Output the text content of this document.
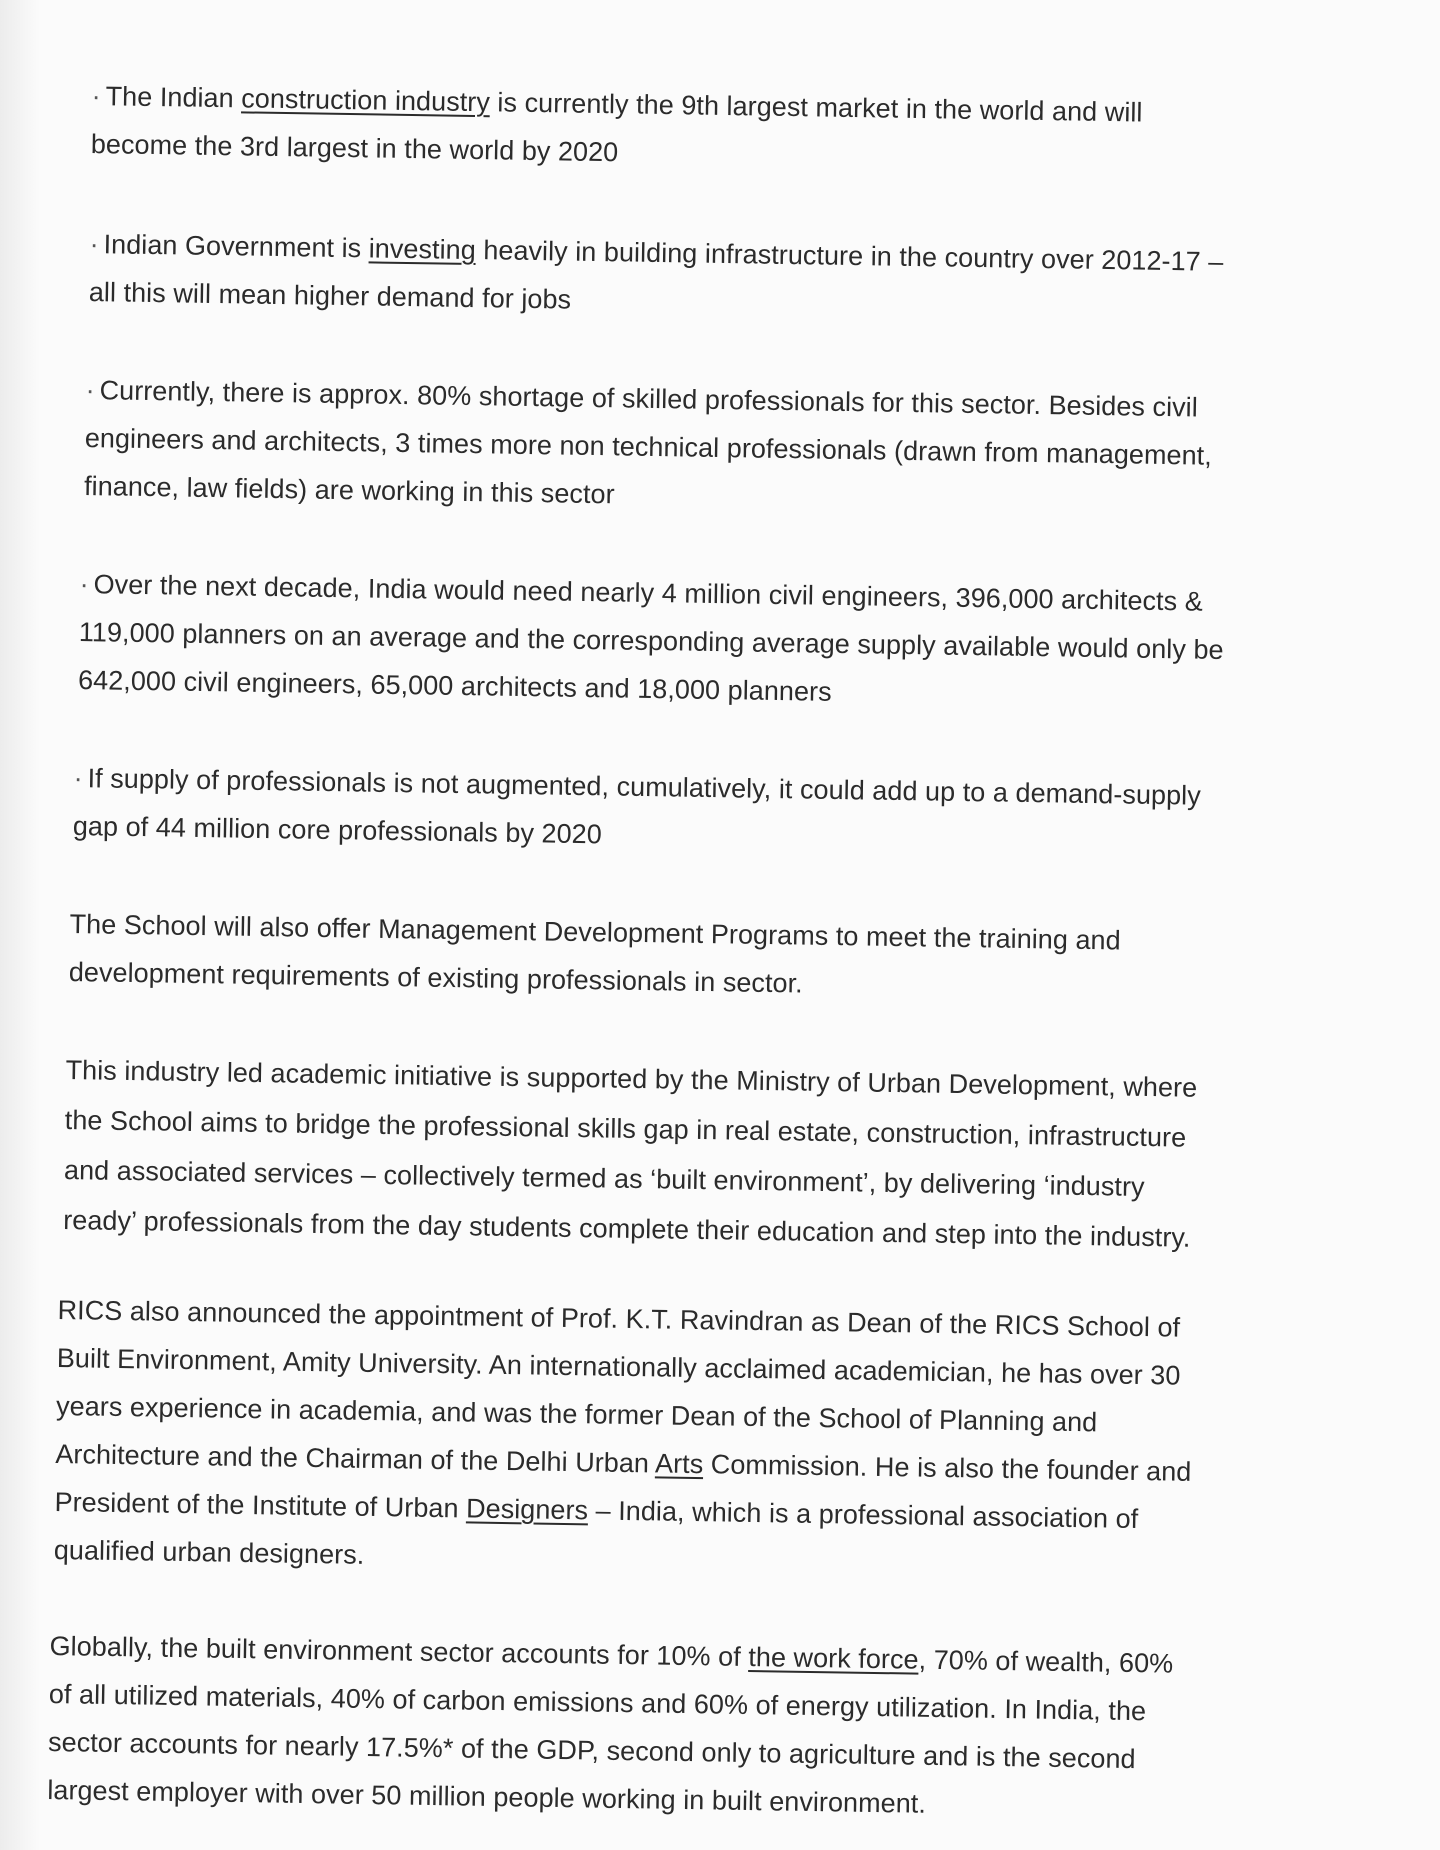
· The Indian construction industry is currently the 9th largest market in the world and will
become the 3rd largest in the world by 2020

· Indian Government is investing heavily in building infrastructure in the country over 2012-17 –
all this will mean higher demand for jobs

· Currently, there is approx. 80% shortage of skilled professionals for this sector. Besides civil
engineers and architects, 3 times more non technical professionals (drawn from management,
finance, law fields) are working in this sector

· Over the next decade, India would need nearly 4 million civil engineers, 396,000 architects &
119,000 planners on an average and the corresponding average supply available would only be
642,000 civil engineers, 65,000 architects and 18,000 planners

· If supply of professionals is not augmented, cumulatively, it could add up to a demand-supply
gap of 44 million core professionals by 2020

The School will also offer Management Development Programs to meet the training and
development requirements of existing professionals in sector.

This industry led academic initiative is supported by the Ministry of Urban Development, where
the School aims to bridge the professional skills gap in real estate, construction, infrastructure
and associated services – collectively termed as ‘built environment’, by delivering ‘industry
ready’ professionals from the day students complete their education and step into the industry.

RICS also announced the appointment of Prof. K.T. Ravindran as Dean of the RICS School of
Built Environment, Amity University. An internationally acclaimed academician, he has over 30
years experience in academia, and was the former Dean of the School of Planning and
Architecture and the Chairman of the Delhi Urban Arts Commission. He is also the founder and
President of the Institute of Urban Designers – India, which is a professional association of
qualified urban designers.

Globally, the built environment sector accounts for 10% of the work force, 70% of wealth, 60%
of all utilized materials, 40% of carbon emissions and 60% of energy utilization. In India, the
sector accounts for nearly 17.5%* of the GDP, second only to agriculture and is the second
largest employer with over 50 million people working in built environment.
